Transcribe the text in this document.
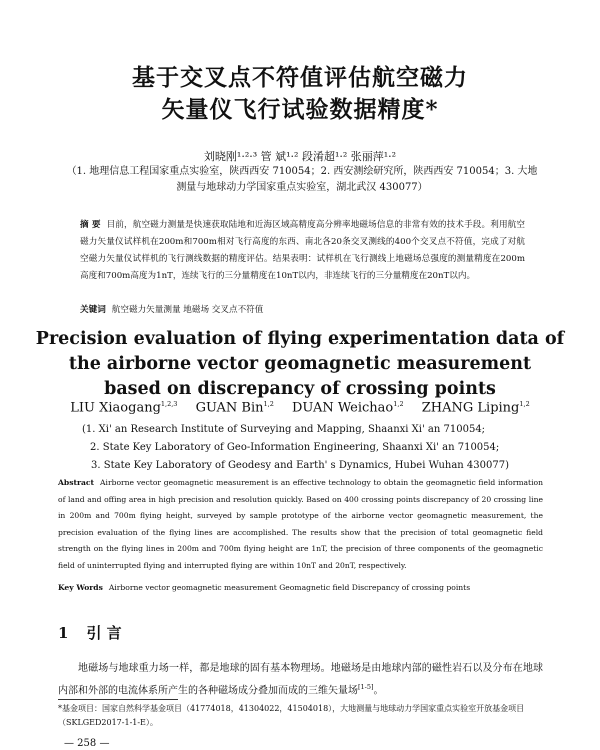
基于交叉点不符值评估航空磁力
矢量仪飞行试验数据精度*
刘晓刚¹·²·³ 管 斌¹·² 段淆超¹·² 张丽萍¹·²
（1. 地理信息工程国家重点实验室，陕西西安 710054；2. 西安测绘研究所，陕西西安 710054；3. 大地测量与地球动力学国家重点实验室，湖北武汉 430077）
摘 要 目前，航空磁力测量是快速获取陆地和近海区域高精度高分辨率地磁场信息的非常有效的技术手段。利用航空磁力矢量仪试样机在200m和700m相对飞行高度的东西、南北各20条交叉测线的400个交叉点不符值，完成了对航空磁力矢量仪试样机的飞行测线数据的精度评估。结果表明：试样机在飞行测线上地磁场总强度的测量精度在200m高度和700m高度为1nT，连续飞行的三分量精度在10nT以内，非连续飞行的三分量精度在20nT以内。
关键词 航空磁力矢量测量 地磁场 交叉点不符值
Precision evaluation of flying experimentation data of
the airborne vector geomagnetic measurement
based on discrepancy of crossing points
LIU Xiaogang$^{1,2,3}$ GUAN Bin$^{1,2}$ DUAN Weichao$^{1,2}$ ZHANG Liping$^{1,2}$
(1. Xi' an Research Institute of Surveying and Mapping, Shaanxi Xi' an 710054;
2. State Key Laboratory of Geo-Information Engineering, Shaanxi Xi' an 710054;
3. State Key Laboratory of Geodesy and Earth' s Dynamics, Hubei Wuhan 430077)
Abstract Airborne vector geomagnetic measurement is an effective technology to obtain the geomagnetic field information of land and offing area in high precision and resolution quickly. Based on 400 crossing points discrepancy of 20 crossing line in 200m and 700m flying height, surveyed by sample prototype of the airborne vector geomagnetic measurement, the precision evaluation of the flying lines are accomplished. The results show that the precision of total geomagnetic field strength on the flying lines in 200m and 700m flying height are 1nT, the precision of three components of the geomagnetic field of uninterrupted flying and interrupted flying are within 10nT and 20nT, respectively.
Key Words Airborne vector geomagnetic measurement Geomagnetic field Discrepancy of crossing points
1 引 言
地磁场与地球重力场一样，都是地球的固有基本物理场。地磁场是由地球内部的磁性岩石以及分布在地球内部和外部的电流体系所产生的各种磁场成分叠加而成的三维矢量场[1-5]。
*基金项目：国家自然科学基金项目（41774018，41304022，41504018），大地测量与地球动力学国家重点实验室开放基金项目（SKLGED2017-1-1-E）。
— 258 —
